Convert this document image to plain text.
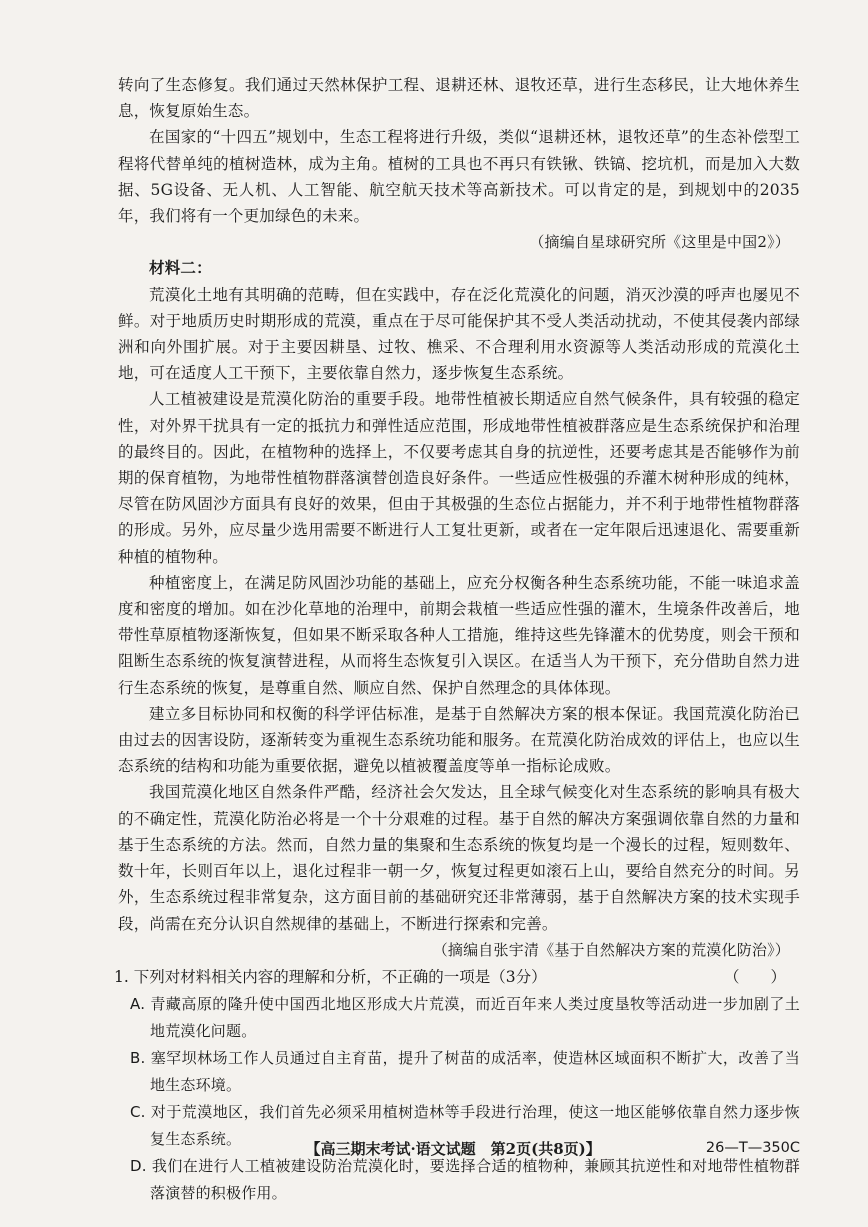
转向了生态修复。我们通过天然林保护工程、退耕还林、退牧还草，进行生态移民，让大地休养生息，恢复原始生态。

在国家的“十四五”规划中，生态工程将进行升级，类似“退耕还林，退牧还草”的生态补偿型工程将代替单纯的植树造林，成为主角。植树的工具也不再只有铁锹、铁镐、挖坑机，而是加入大数据、5G设备、无人机、人工智能、航空航天技术等高新技术。可以肯定的是，到规划中的2035年，我们将有一个更加绿色的未来。

（摘编自星球研究所《这里是中国2》）

材料二：

荒漠化土地有其明确的范畴，但在实践中，存在泛化荒漠化的问题，消灭沙漠的呼声也屡见不鲜。对于地质历史时期形成的荒漠，重点在于尽可能保护其不受人类活动扰动，不使其侵袭内部绿洲和向外围扩展。对于主要因耕垦、过牧、樵采、不合理利用水资源等人类活动形成的荒漠化土地，可在适度人工干预下，主要依靠自然力，逐步恢复生态系统。

人工植被建设是荒漠化防治的重要手段。地带性植被长期适应自然气候条件，具有较强的稳定性，对外界干扰具有一定的抵抗力和弹性适应范围，形成地带性植被群落应是生态系统保护和治理的最终目的。因此，在植物种的选择上，不仅要考虑其自身的抗逆性，还要考虑其是否能够作为前期的保育植物，为地带性植物群落演替创造良好条件。一些适应性极强的乔灌木树种形成的纯林，尽管在防风固沙方面具有良好的效果，但由于其极强的生态位占据能力，并不利于地带性植物群落的形成。另外，应尽量少选用需要不断进行人工复壮更新，或者在一定年限后迅速退化、需要重新种植的植物种。

种植密度上，在满足防风固沙功能的基础上，应充分权衡各种生态系统功能，不能一味追求盖度和密度的增加。如在沙化草地的治理中，前期会栽植一些适应性强的灌木，生境条件改善后，地带性草原植物逐渐恢复，但如果不断采取各种人工措施，维持这些先锋灌木的优势度，则会干预和阻断生态系统的恢复演替进程，从而将生态恢复引入误区。在适当人为干预下，充分借助自然力进行生态系统的恢复，是尊重自然、顺应自然、保护自然理念的具体体现。

建立多目标协同和权衡的科学评估标准，是基于自然解决方案的根本保证。我国荒漠化防治已由过去的因害设防，逐渐转变为重视生态系统功能和服务。在荒漠化防治成效的评估上，也应以生态系统的结构和功能为重要依据，避免以植被覆盖度等单一指标论成败。

我国荒漠化地区自然条件严酷，经济社会欠发达，且全球气候变化对生态系统的影响具有极大的不确定性，荒漠化防治必将是一个十分艰难的过程。基于自然的解决方案强调依靠自然的力量和基于生态系统的方法。然而，自然力量的集聚和生态系统的恢复均是一个漫长的过程，短则数年、数十年，长则百年以上，退化过程非一朝一夕，恢复过程更如滚石上山，要给自然充分的时间。另外，生态系统过程非常复杂，这方面目前的基础研究还非常薄弱，基于自然解决方案的技术实现手段，尚需在充分认识自然规律的基础上，不断进行探索和完善。

（摘编自张宇清《基于自然解决方案的荒漠化防治》）

1. 下列对材料相关内容的理解和分析，不正确的一项是（3分）	（　　）

A. 青藏高原的隆升使中国西北地区形成大片荒漠，而近百年来人类过度垦牧等活动进一步加剧了土地荒漠化问题。

B. 塞罕坝林场工作人员通过自主育苗，提升了树苗的成活率，使造林区域面积不断扩大，改善了当地生态环境。

C. 对于荒漠地区，我们首先必须采用植树造林等手段进行治理，使这一地区能够依靠自然力逐步恢复生态系统。

D. 我们在进行人工植被建设防治荒漠化时，要选择合适的植物种，兼顾其抗逆性和对地带性植物群落演替的积极作用。

【高三期末考试·语文试题　第2页(共8页)】	26—T—350C
